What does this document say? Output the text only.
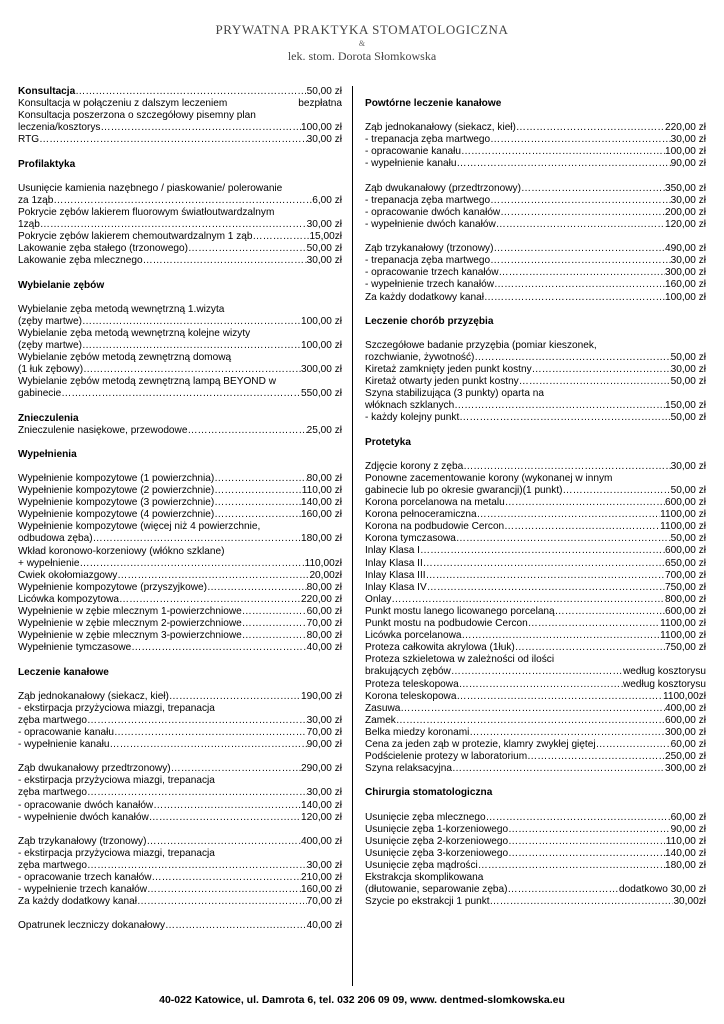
PRYWATNA PRAKTYKA STOMATOLOGICZNA
&
lek. stom. Dorota Słomkowska
Konsultacja ………………………………………………………………………………………………………………………………………………………………………………………	50,00 zł
Konsultacja w połączeniu z dalszym leczeniem	bezpłatna
Konsultacja poszerzona o szczegółowy pisemny plan
leczenia/kosztorys ………………………………………………………………………………………………………………………………………………………………………………………	100,00 zł
RTG ………………………………………………………………………………………………………………………………………………………………………………………	30,00 zł
Profilaktyka
Usunięcie kamienia nazębnego / piaskowanie/ polerowanie
za 1ząb ………………………………………………………………………………………………………………………………………………………………………………………	6,00 zł
Pokrycie zębów lakierem fluorowym światłoutwardzalnym
1ząb ………………………………………………………………………………………………………………………………………………………………………………………	30,00 zł
Pokrycie zębów lakierem chemoutwardzalnym 1 ząb ………………………………………………………………………………………………………………………………………………………………………………………	15,00zł
Lakowanie zęba stałego (trzonowego) ………………………………………………………………………………………………………………………………………………………………………………………	50,00 zł
Lakowanie zęba mlecznego ………………………………………………………………………………………………………………………………………………………………………………………	30,00 zł
Wybielanie zębów
Wybielanie zęba metodą wewnętrzną 1.wizyta
(zęby martwe) ………………………………………………………………………………………………………………………………………………………………………………………	100,00 zł
Wybielanie zęba metodą wewnętrzną kolejne wizyty
(zęby martwe) ………………………………………………………………………………………………………………………………………………………………………………………	100,00 zł
Wybielanie zębów metodą zewnętrzną domową
(1 łuk zębowy) ………………………………………………………………………………………………………………………………………………………………………………………	300,00 zł
Wybielanie zębów metodą zewnętrzną lampą BEYOND w
gabinecie ………………………………………………………………………………………………………………………………………………………………………………………	550,00 zł
Znieczulenia
Znieczulenie nasiękowe, przewodowe ………………………………………………………………………………………………………………………………………………………………………………………	25,00 zł
Wypełnienia
Wypełnienie kompozytowe (1 powierzchnia) ………………………………………………………………………………………………………………………………………………………………………………………	80,00 zł
Wypełnienie kompozytowe (2 powierzchnie) ………………………………………………………………………………………………………………………………………………………………………………………	110,00 zł
Wypełnienie kompozytowe (3 powierzchnie) ………………………………………………………………………………………………………………………………………………………………………………………	140,00 zł
Wypełnienie kompozytowe (4 powierzchnie) ………………………………………………………………………………………………………………………………………………………………………………………	160,00 zł
Wypełnienie kompozytowe (więcej niż 4 powierzchnie,
odbudowa zęba) ………………………………………………………………………………………………………………………………………………………………………………………	180,00 zł
Wkład koronowo-korzeniowy (włókno szklane)
+ wypełnienie ………………………………………………………………………………………………………………………………………………………………………………………	110,00zł
Ćwiek okołomiazgowy ………………………………………………………………………………………………………………………………………………………………………………………	20,00zł
Wypełnienie kompozytowe (przyszyjkowe) ………………………………………………………………………………………………………………………………………………………………………………………	80,00 zł
Licówka kompozytowa ………………………………………………………………………………………………………………………………………………………………………………………	220,00 zł
Wypełnienie w zębie mlecznym 1-powierzchniowe ………………………………………………………………………………………………………………………………………………………………………………………	60,00 zł
Wypełnienie w zębie mlecznym 2-powierzchniowe ………………………………………………………………………………………………………………………………………………………………………………………	70,00 zł
Wypełnienie w zębie mlecznym 3-powierzchniowe ………………………………………………………………………………………………………………………………………………………………………………………	80,00 zł
Wypełnienie tymczasowe ………………………………………………………………………………………………………………………………………………………………………………………	40,00 zł
Leczenie kanałowe
Ząb jednokanałowy (siekacz, kieł) ………………………………………………………………………………………………………………………………………………………………………………………	190,00 zł
- ekstirpacja przyżyciowa miazgi, trepanacja
zęba martwego ………………………………………………………………………………………………………………………………………………………………………………………	30,00 zł
- opracowanie kanału ………………………………………………………………………………………………………………………………………………………………………………………	70,00 zł
- wypełnienie kanału ………………………………………………………………………………………………………………………………………………………………………………………	90,00 zł
Ząb dwukanałowy przedtrzonowy) ………………………………………………………………………………………………………………………………………………………………………………………	290,00 zł
- ekstirpacja przyżyciowa miazgi, trepanacja
zęba martwego ………………………………………………………………………………………………………………………………………………………………………………………	30,00 zł
- opracowanie dwóch kanałów ………………………………………………………………………………………………………………………………………………………………………………………	140,00 zł
- wypełnienie dwóch kanałów ………………………………………………………………………………………………………………………………………………………………………………………	120,00 zł
Ząb trzykanałowy (trzonowy) ………………………………………………………………………………………………………………………………………………………………………………………	400,00 zł
- ekstirpacja przyżyciowa miazgi, trepanacja
zęba martwego ………………………………………………………………………………………………………………………………………………………………………………………	30,00 zł
- opracowanie trzech kanałów ………………………………………………………………………………………………………………………………………………………………………………………	210,00 zł
- wypełnienie trzech kanałów ………………………………………………………………………………………………………………………………………………………………………………………	160,00 zł
Za każdy dodatkowy kanał ………………………………………………………………………………………………………………………………………………………………………………………	70,00 zł
Opatrunek leczniczy dokanałowy ………………………………………………………………………………………………………………………………………………………………………………………	40,00 zł
Powtórne leczenie kanałowe
Ząb jednokanałowy (siekacz, kieł) ………………………………………………………………………………………………………………………………………………………………………………………	220,00 zł
- trepanacja zęba martwego ………………………………………………………………………………………………………………………………………………………………………………………	30,00 zł
- opracowanie kanału ………………………………………………………………………………………………………………………………………………………………………………………	100,00 zł
- wypełnienie kanału ………………………………………………………………………………………………………………………………………………………………………………………	90,00 zł
Ząb dwukanałowy (przedtrzonowy) ………………………………………………………………………………………………………………………………………………………………………………………	350,00 zł
- trepanacja zęba martwego ………………………………………………………………………………………………………………………………………………………………………………………	30,00 zł
- opracowanie dwóch kanałów ………………………………………………………………………………………………………………………………………………………………………………………	200,00 zł
- wypełnienie dwóch kanałów ………………………………………………………………………………………………………………………………………………………………………………………	120,00 zł
Ząb trzykanałowy (trzonowy) ………………………………………………………………………………………………………………………………………………………………………………………	490,00 zł
- trepanacja zęba martwego ………………………………………………………………………………………………………………………………………………………………………………………	30,00 zł
- opracowanie trzech kanałów ………………………………………………………………………………………………………………………………………………………………………………………	300,00 zł
- wypełnienie trzech kanałów ………………………………………………………………………………………………………………………………………………………………………………………	160,00 zł
Za każdy dodatkowy kanał ………………………………………………………………………………………………………………………………………………………………………………………	100,00 zł
Leczenie chorób przyzębia
Szczegółowe badanie przyzębia (pomiar kieszonek,
rozchwianie, żywotność) ………………………………………………………………………………………………………………………………………………………………………………………	50,00 zł
Kiretaż zamknięty jeden punkt kostny ………………………………………………………………………………………………………………………………………………………………………………………	30,00 zł
Kiretaż otwarty jeden punkt kostny ………………………………………………………………………………………………………………………………………………………………………………………	50,00 zł
Szyna stabilizująca (3 punkty) oparta na
włóknach szklanych ………………………………………………………………………………………………………………………………………………………………………………………	150,00 zł
- każdy kolejny punkt ………………………………………………………………………………………………………………………………………………………………………………………	50,00 zł
Protetyka
Zdjęcie korony z zęba ………………………………………………………………………………………………………………………………………………………………………………………	30,00 zł
Ponowne zacementowanie korony (wykonanej w innym
gabinecie lub po okresie gwarancji)(1 punkt) ………………………………………………………………………………………………………………………………………………………………………………………	50,00 zł
Korona porcelanowa na metalu ………………………………………………………………………………………………………………………………………………………………………………………	600,00 zł
Korona pełnoceramiczna ………………………………………………………………………………………………………………………………………………………………………………………	1100,00 zł
Korona na podbudowie Cercon ………………………………………………………………………………………………………………………………………………………………………………………	1100,00 zł
Korona tymczasowa ………………………………………………………………………………………………………………………………………………………………………………………	50,00 zł
Inlay Klasa I ………………………………………………………………………………………………………………………………………………………………………………………	600,00 zł
Inlay Klasa II ………………………………………………………………………………………………………………………………………………………………………………………	650,00 zł
Inlay Klasa III ………………………………………………………………………………………………………………………………………………………………………………………	700,00 zł
Inlay Klasa IV ………………………………………………………………………………………………………………………………………………………………………………………	750,00 zł
Onlay ………………………………………………………………………………………………………………………………………………………………………………………	800,00 zł
Punkt mostu lanego licowanego porcelaną ………………………………………………………………………………………………………………………………………………………………………………………	600,00 zł
Punkt mostu na podbudowie Cercon ………………………………………………………………………………………………………………………………………………………………………………………	1100,00 zł
Licówka porcelanowa ………………………………………………………………………………………………………………………………………………………………………………………	1100,00 zł
Proteza całkowita akrylowa (1łuk) ………………………………………………………………………………………………………………………………………………………………………………………	750,00 zł
Proteza szkieletowa w zależności od ilości
brakujących zębów ………………………………………………………………………………………………………………………………………………………………………………………	według kosztorysu
Proteza teleskopowa ………………………………………………………………………………………………………………………………………………………………………………………	według kosztorysu
Korona teleskopowa ………………………………………………………………………………………………………………………………………………………………………………………	1100,00zł
Zasuwa ………………………………………………………………………………………………………………………………………………………………………………………	400,00 zł
Zamek ………………………………………………………………………………………………………………………………………………………………………………………	600,00 zł
Belka miedzy koronami ………………………………………………………………………………………………………………………………………………………………………………………	300,00 zł
Cena za jeden ząb w protezie, klamry zwykłej giętej ………………………………………………………………………………………………………………………………………………………………………………………	60,00 zł
Podścielenie protezy w laboratorium ………………………………………………………………………………………………………………………………………………………………………………………	250,00 zł
Szyna relaksacyjna ………………………………………………………………………………………………………………………………………………………………………………………	300,00 zł
Chirurgia stomatologiczna
Usunięcie zęba mlecznego ………………………………………………………………………………………………………………………………………………………………………………………	60,00 zł
Usunięcie zęba 1-korzeniowego ………………………………………………………………………………………………………………………………………………………………………………………	90,00 zł
Usunięcie zęba 2-korzeniowego ………………………………………………………………………………………………………………………………………………………………………………………	110,00 zł
Usunięcie zęba 3-korzeniowego ………………………………………………………………………………………………………………………………………………………………………………………	140,00 zł
Usunięcie zęba mądrości ………………………………………………………………………………………………………………………………………………………………………………………	180,00 zł
Ekstrakcja skomplikowana
(dłutowanie, separowanie zęba) ………………………………………………………………………………………………………………………………………………………………………………………	dodatkowo 30,00 zł
Szycie po ekstrakcji 1 punkt ………………………………………………………………………………………………………………………………………………………………………………………	30,00zł
40-022 Katowice, ul. Damrota 6, tel. 032 206 09 09, www. dentmed-slomkowska.eu
